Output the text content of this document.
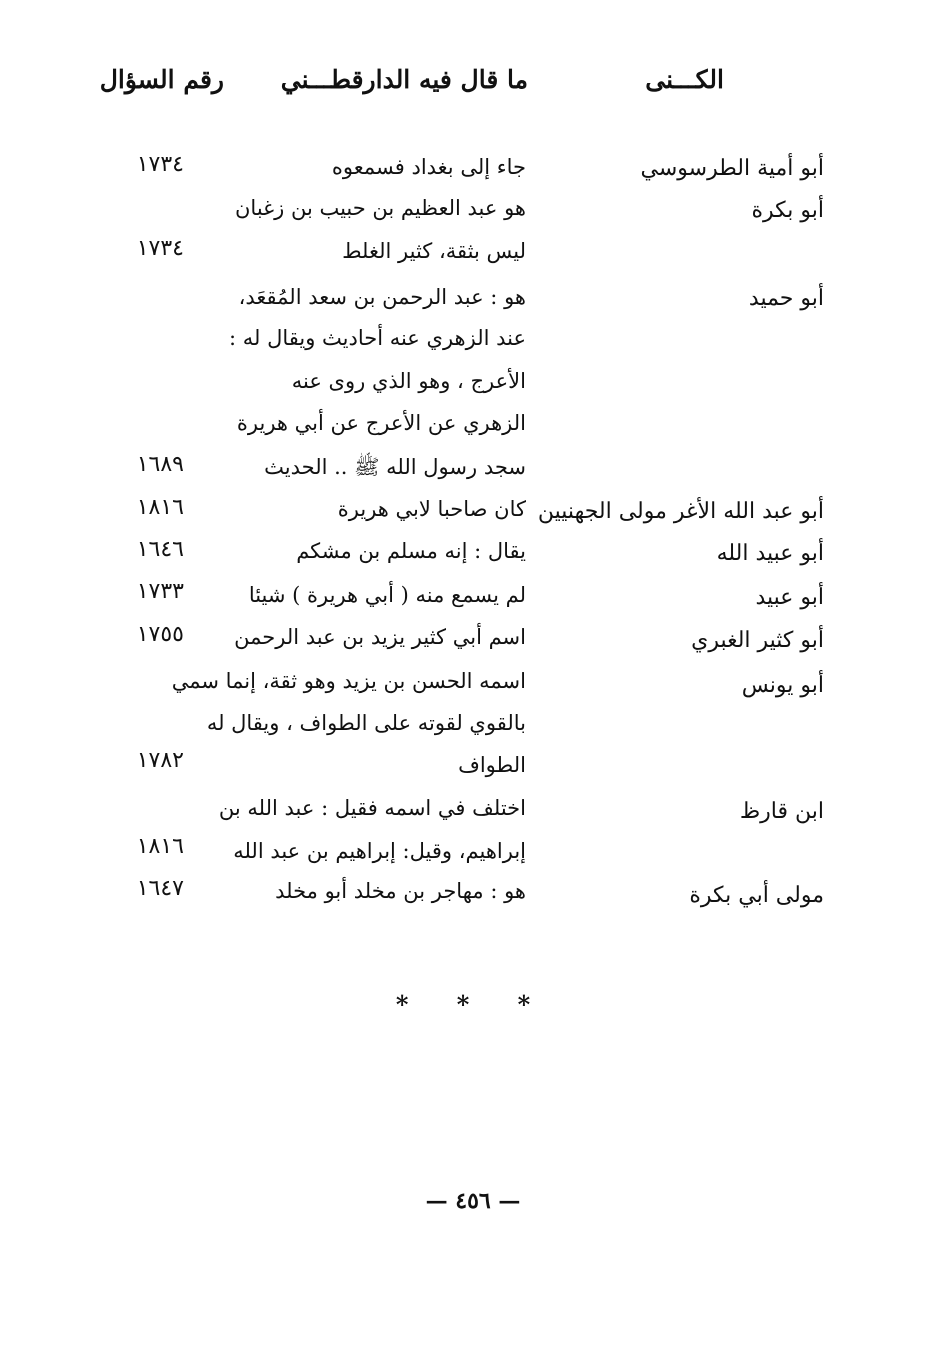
الكـــنى
ما قال فيه الدارقطـــني
رقم السؤال
أبو أمية الطرسوسي
جاء إلى بغداد فسمعوه
١٧٣٤
أبو بكرة
هو عبد العظيم بن حبيب بن زغبان
ليس بثقة، كثير الغلط
١٧٣٤
أبو حميد
هو : عبد الرحمن بن سعد المُقعَد،
عند الزهري عنه أحاديث ويقال له :
الأعرج ، وهو الذي روى عنه
الزهري عن الأعرج عن أبي هريرة
سجد رسول الله ﷺ .. الحديث
١٦٨٩
أبو عبد الله الأغر مولى الجهنيين
كان صاحبا لابي هريرة
١٨١٦
أبو عبيد الله
يقال : إنه مسلم بن مشكم
١٦٤٦
أبو عبيد
لم يسمع منه ( أبي هريرة ) شيئا
١٧٣٣
أبو كثير الغبري
اسم أبي كثير يزيد بن عبد الرحمن
١٧٥٥
أبو يونس
اسمه الحسن بن يزيد وهو ثقة، إنما سمي
بالقوي لقوته على الطواف ، ويقال له
الطواف
١٧٨٢
ابن قارظ
اختلف في اسمه فقيل : عبد الله بن
إبراهيم، وقيل: إبراهيم بن عبد الله
١٨١٦
مولى أبي بكرة
هو : مهاجر بن مخلد أبو مخلد
١٦٤٧
* * *
— ٤٥٦ —
